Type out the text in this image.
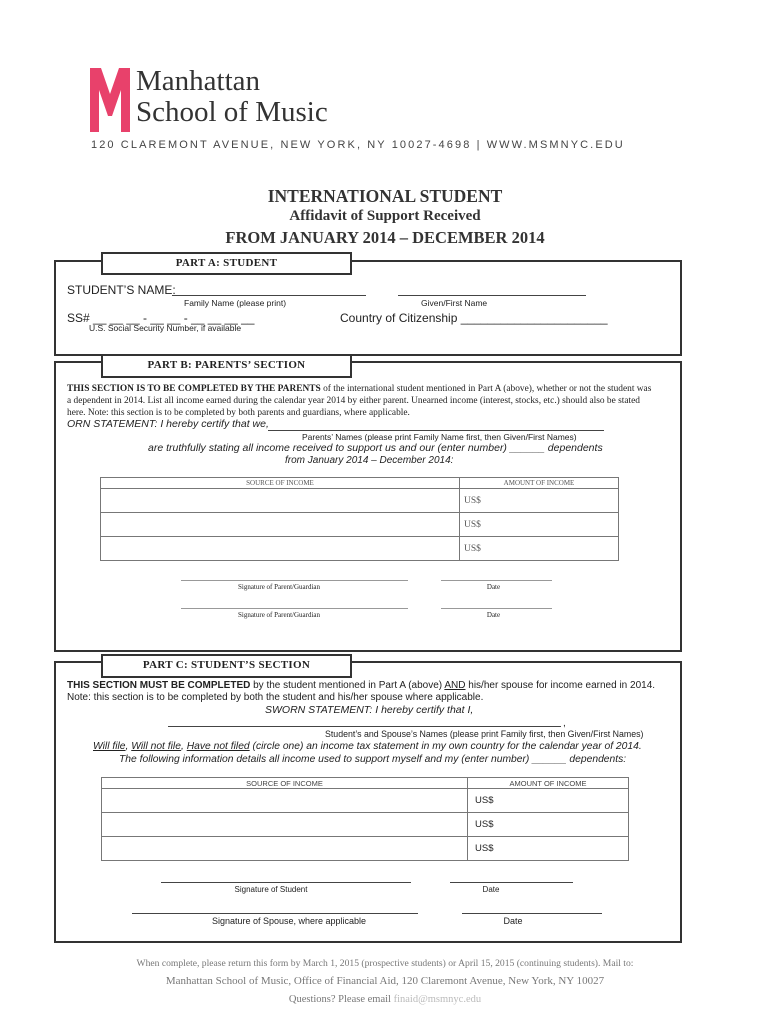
Manhattan
School of Music
120 CLAREMONT AVENUE, NEW YORK, NY 10027-4698 | WWW.MSMNYC.EDU
INTERNATIONAL STUDENT
Affidavit of Support Received
FROM JANUARY 2014 – DECEMBER 2014
PART A: STUDENT
STUDENT’S NAME:
Family Name (please print)	Given/First Name
SS# __ __ __ - __ __ - __ __ __ __	Country of Citizenship ______________________
U.S. Social Security Number, if available
PART B: PARENTS’ SECTION
THIS SECTION IS TO BE COMPLETED BY THE PARENTS of the international student mentioned in Part A (above), whether or not the student was a dependent in 2014. List all income earned during the calendar year 2014 by either parent. Unearned income (interest, stocks, etc.) should also be stated here. Note: this section is to be completed by both parents and guardians, where applicable.
ORN STATEMENT: I hereby certify that we,
Parents’ Names (please print Family Name first, then Given/First Names)
are truthfully stating all income received to support us and our (enter number) ______ dependents
from January 2014 – December 2014:
SOURCE OF INCOME	AMOUNT OF INCOME
	US$
	US$
	US$
Signature of Parent/Guardian	Date
Signature of Parent/Guardian	Date
PART C: STUDENT’S SECTION
THIS SECTION MUST BE COMPLETED by the student mentioned in Part A (above) AND his/her spouse for income earned in 2014.
Note: this section is to be completed by both the student and his/her spouse where applicable.
SWORN STATEMENT: I hereby certify that I,
,
Student’s and Spouse’s Names (please print Family first, then Given/First Names)
Will file, Will not file, Have not filed (circle one) an income tax statement in my own country for the calendar year of 2014.
The following information details all income used to support myself and my (enter number) ______ dependents:
SOURCE OF INCOME	AMOUNT OF INCOME
	US$
	US$
	US$
Signature of Student	Date
Signature of Spouse, where applicable	Date
When complete, please return this form by March 1, 2015 (prospective students) or April 15, 2015 (continuing students). Mail to:
Manhattan School of Music, Office of Financial Aid, 120 Claremont Avenue, New York, NY 10027
Questions? Please email finaid@msmnyc.edu
